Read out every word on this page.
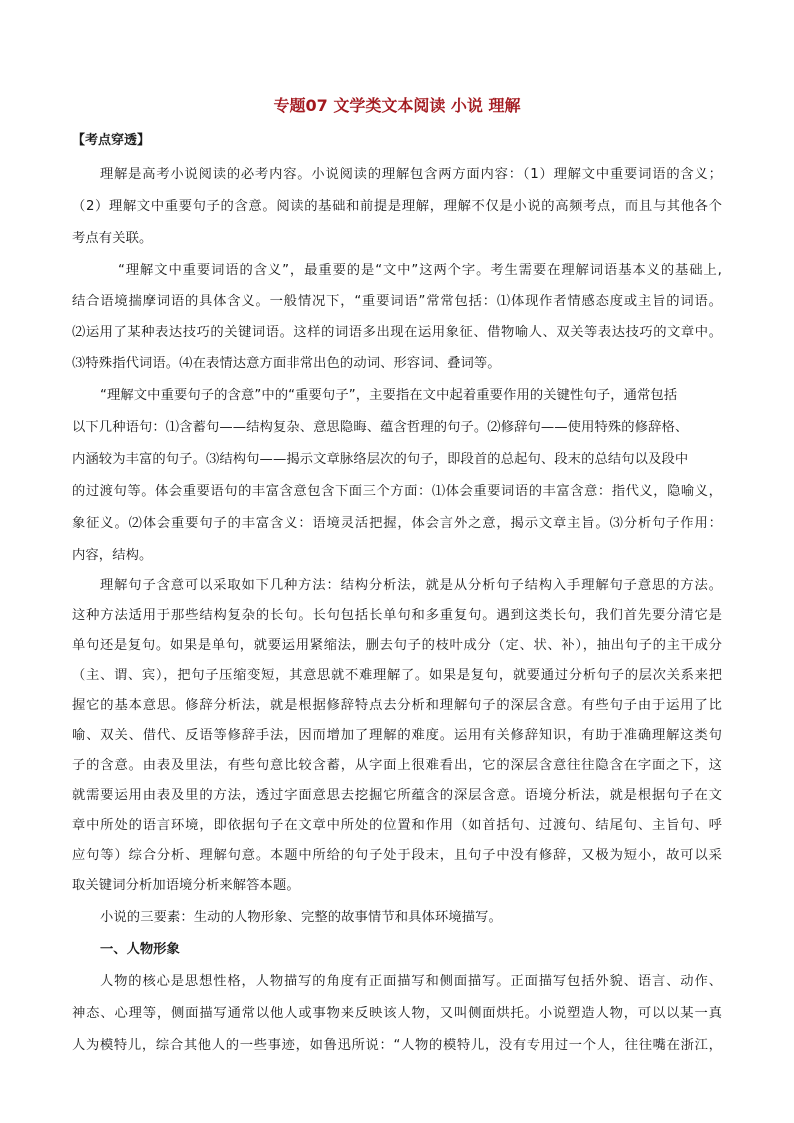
专题07 文学类文本阅读 小说 理解
【考点穿透】
理解是高考小说阅读的必考内容。小说阅读的理解包含两方面内容：（1）理解文中重要词语的含义；
（2）理解文中重要句子的含意。阅读的基础和前提是理解，理解不仅是小说的高频考点，而且与其他各个
考点有关联。
“理解文中重要词语的含义”，最重要的是“文中”这两个字。考生需要在理解词语基本义的基础上,
结合语境揣摩词语的具体含义。一般情况下，“重要词语”常常包括：⑴体现作者情感态度或主旨的词语。
⑵运用了某种表达技巧的关键词语。这样的词语多出现在运用象征、借物喻人、双关等表达技巧的文章中。
⑶特殊指代词语。⑷在表情达意方面非常出色的动词、形容词、叠词等。
“理解文中重要句子的含意”中的“重要句子”，主要指在文中起着重要作用的关键性句子，通常包括
以下几种语句：⑴含蓄句——结构复杂、意思隐晦、蕴含哲理的句子。⑵修辞句——使用特殊的修辞格、
内涵较为丰富的句子。⑶结构句——揭示文章脉络层次的句子，即段首的总起句、段末的总结句以及段中
的过渡句等。体会重要语句的丰富含意包含下面三个方面：⑴体会重要词语的丰富含意：指代义，隐喻义，
象征义。⑵体会重要句子的丰富含义：语境灵活把握，体会言外之意，揭示文章主旨。⑶分析句子作用：
内容，结构。
理解句子含意可以采取如下几种方法：结构分析法，就是从分析句子结构入手理解句子意思的方法。
这种方法适用于那些结构复杂的长句。长句包括长单句和多重复句。遇到这类长句，我们首先要分清它是
单句还是复句。如果是单句，就要运用紧缩法，删去句子的枝叶成分（定、状、补），抽出句子的主干成分
（主、谓、宾），把句子压缩变短，其意思就不难理解了。如果是复句，就要通过分析句子的层次关系来把
握它的基本意思。修辞分析法，就是根据修辞特点去分析和理解句子的深层含意。有些句子由于运用了比
喻、双关、借代、反语等修辞手法，因而增加了理解的难度。运用有关修辞知识，有助于准确理解这类句
子的含意。由表及里法，有些句意比较含蓄，从字面上很难看出，它的深层含意往往隐含在字面之下，这
就需要运用由表及里的方法，透过字面意思去挖掘它所蕴含的深层含意。语境分析法，就是根据句子在文
章中所处的语言环境，即依据句子在文章中所处的位置和作用（如首括句、过渡句、结尾句、主旨句、呼
应句等）综合分析、理解句意。本题中所给的句子处于段末，且句子中没有修辞，又极为短小，故可以采
取关键词分析加语境分析来解答本题。
小说的三要素：生动的人物形象、完整的故事情节和具体环境描写。
一、人物形象
人物的核心是思想性格，人物描写的角度有正面描写和侧面描写。正面描写包括外貌、语言、动作、
神态、心理等，侧面描写通常以他人或事物来反映该人物，又叫侧面烘托。小说塑造人物，可以以某一真
人为模特儿，综合其他人的一些事迹，如鲁迅所说：“人物的模特儿，没有专用过一个人，往往嘴在浙江，
